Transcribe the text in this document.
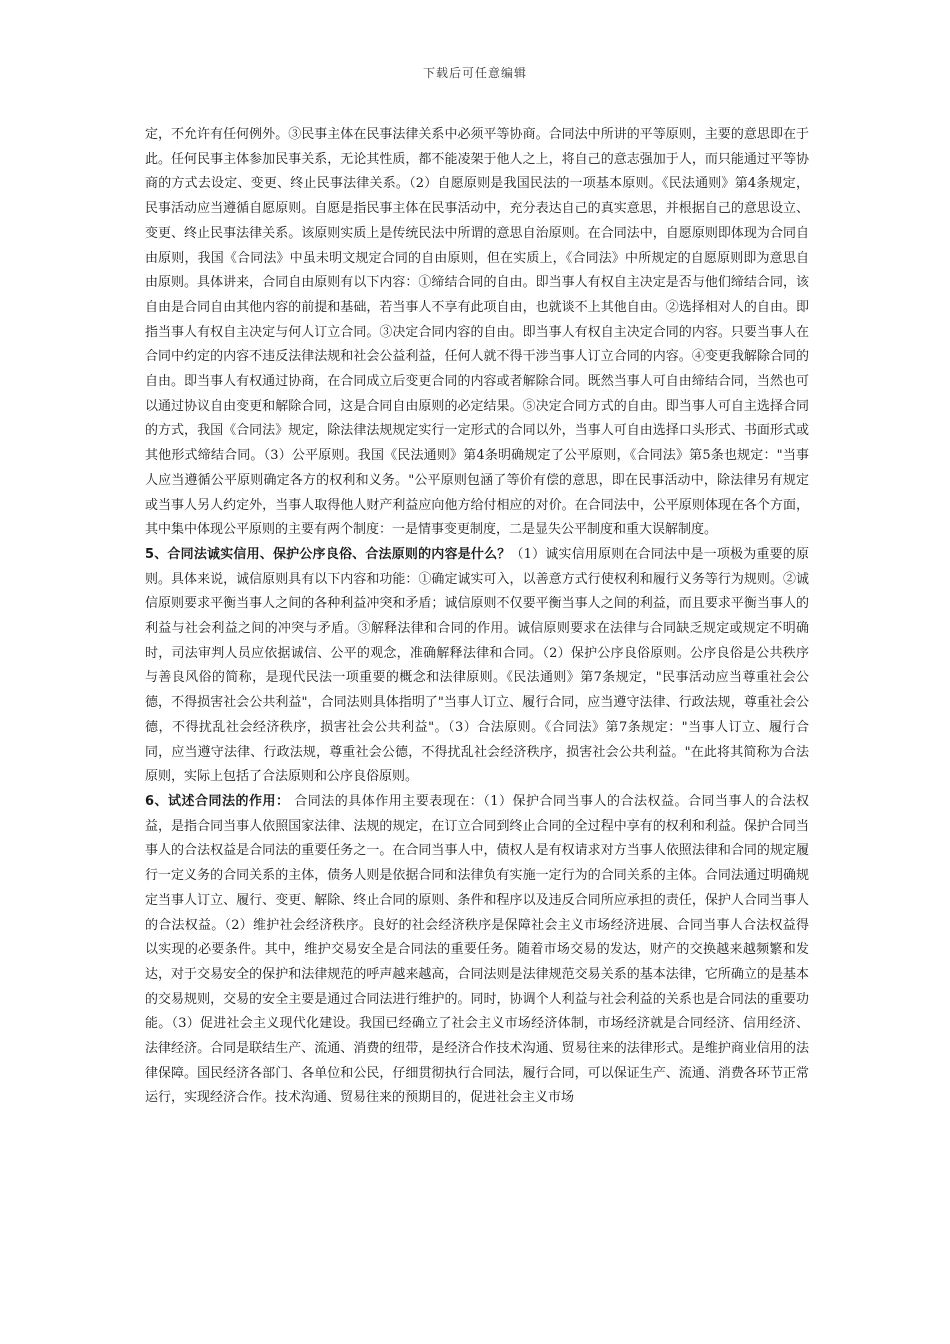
下载后可任意编辑

定，不允许有任何例外。③民事主体在民事法律关系中必须平等协商。合同法中所讲的平等原则，主要的意思即在于此。任何民事主体参加民事关系，无论其性质，都不能凌架于他人之上，将自己的意志强加于人，而只能通过平等协商的方式去设定、变更、终止民事法律关系。（2）自愿原则是我国民法的一项基本原则。《民法通则》第4条规定，民事活动应当遵循自愿原则。自愿是指民事主体在民事活动中，充分表达自己的真实意思，并根据自己的意思设立、变更、终止民事法律关系。该原则实质上是传统民法中所谓的意思自治原则。在合同法中，自愿原则即体现为合同自由原则，我国《合同法》中虽未明文规定合同的自由原则，但在实质上，《合同法》中所规定的自愿原则即为意思自由原则。具体讲来，合同自由原则有以下内容：①缔结合同的自由。即当事人有权自主决定是否与他们缔结合同，该自由是合同自由其他内容的前提和基础，若当事人不享有此项自由，也就谈不上其他自由。②选择相对人的自由。即指当事人有权自主决定与何人订立合同。③决定合同内容的自由。即当事人有权自主决定合同的内容。只要当事人在合同中约定的内容不违反法律法规和社会公益利益，任何人就不得干涉当事人订立合同的内容。④变更我解除合同的自由。即当事人有权通过协商，在合同成立后变更合同的内容或者解除合同。既然当事人可自由缔结合同，当然也可以通过协议自由变更和解除合同，这是合同自由原则的必定结果。⑤决定合同方式的自由。即当事人可自主选择合同的方式，我国《合同法》规定，除法律法规规定实行一定形式的合同以外，当事人可自由选择口头形式、书面形式或其他形式缔结合同。（3）公平原则。我国《民法通则》第4条明确规定了公平原则，《合同法》第5条也规定："当事人应当遵循公平原则确定各方的权利和义务。"公平原则包涵了等价有偿的意思，即在民事活动中，除法律另有规定或当事人另人约定外，当事人取得他人财产利益应向他方给付相应的对价。在合同法中，公平原则体现在各个方面，其中集中体现公平原则的主要有两个制度：一是情事变更制度，二是显失公平制度和重大误解制度。

5、合同法诚实信用、保护公序良俗、合法原则的内容是什么？（1）诚实信用原则在合同法中是一项极为重要的原则。具体来说，诚信原则具有以下内容和功能：①确定诚实可入，以善意方式行使权利和履行义务等行为规则。②诚信原则要求平衡当事人之间的各种利益冲突和矛盾；诚信原则不仅要平衡当事人之间的利益，而且要求平衡当事人的利益与社会利益之间的冲突与矛盾。③解释法律和合同的作用。诚信原则要求在法律与合同缺乏规定或规定不明确时，司法审判人员应依据诚信、公平的观念，准确解释法律和合同。（2）保护公序良俗原则。公序良俗是公共秩序与善良风俗的简称，是现代民法一项重要的概念和法律原则。《民法通则》第7条规定，"民事活动应当尊重社会公德，不得损害社会公共利益"，合同法则具体指明了"当事人订立、履行合同，应当遵守法律、行政法规，尊重社会公德，不得扰乱社会经济秩序，损害社会公共利益"。（3）合法原则。《合同法》第7条规定："当事人订立、履行合同，应当遵守法律、行政法规，尊重社会公德，不得扰乱社会经济秩序，损害社会公共利益。"在此将其简称为合法原则，实际上包括了合法原则和公序良俗原则。

6、试述合同法的作用： 合同法的具体作用主要表现在：（1）保护合同当事人的合法权益。合同当事人的合法权益，是指合同当事人依照国家法律、法规的规定，在订立合同到终止合同的全过程中享有的权利和利益。保护合同当事人的合法权益是合同法的重要任务之一。在合同当事人中，债权人是有权请求对方当事人依照法律和合同的规定履行一定义务的合同关系的主体，债务人则是依据合同和法律负有实施一定行为的合同关系的主体。合同法通过明确规定当事人订立、履行、变更、解除、终止合同的原则、条件和程序以及违反合同所应承担的责任，保护人合同当事人的合法权益。（2）维护社会经济秩序。良好的社会经济秩序是保障社会主义市场经济进展、合同当事人合法权益得以实现的必要条件。其中，维护交易安全是合同法的重要任务。随着市场交易的发达，财产的交换越来越频繁和发达，对于交易安全的保护和法律规范的呼声越来越高，合同法则是法律规范交易关系的基本法律，它所确立的是基本的交易规则，交易的安全主要是通过合同法进行维护的。同时，协调个人利益与社会利益的关系也是合同法的重要功能。（3）促进社会主义现代化建设。我国已经确立了社会主义市场经济体制，市场经济就是合同经济、信用经济、法律经济。合同是联结生产、流通、消费的纽带，是经济合作技术沟通、贸易往来的法律形式。是维护商业信用的法律保障。国民经济各部门、各单位和公民，仔细贯彻执行合同法，履行合同，可以保证生产、流通、消费各环节正常运行，实现经济合作。技术沟通、贸易往来的预期目的，促进社会主义市场
